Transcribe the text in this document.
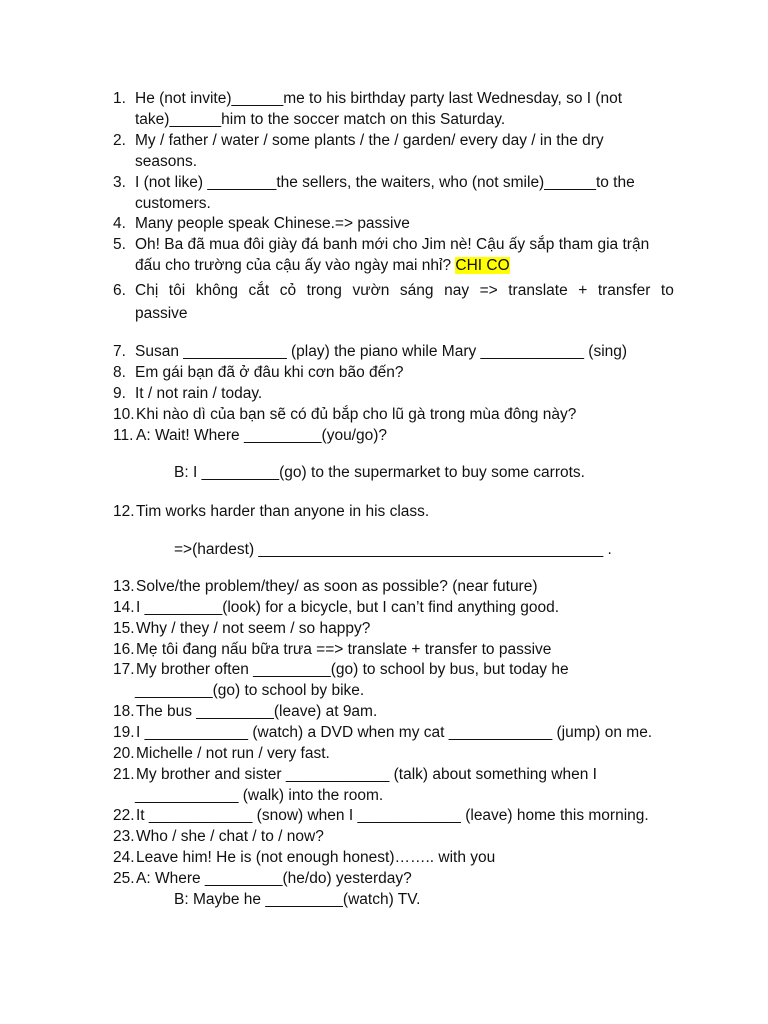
1. He (not invite)______me to his birthday party last Wednesday, so I (not
take)______him to the soccer match on this Saturday.
2. My / father / water / some plants / the / garden/ every day / in the dry
seasons.
3. I (not like) ________the sellers, the waiters, who (not smile)______to the
customers.
4. Many people speak Chinese.=> passive
5. Oh! Ba đã mua đôi giày đá banh mới cho Jim nè! Cậu ấy sắp tham gia trận
đấu cho trường của cậu ấy vào ngày mai nhỉ? CHI CO
6. Chị tôi không cắt cỏ trong vườn sáng nay => translate + transfer to
passive
7. Susan ____________ (play) the piano while Mary ____________ (sing)
8. Em gái bạn đã ở đâu khi cơn bão đến?
9. It / not rain / today.
10. Khi nào dì của bạn sẽ có đủ bắp cho lũ gà trong mùa đông này?
11. A: Wait! Where _________(you/go)?
B: I _________(go) to the supermarket to buy some carrots.
12. Tim works harder than anyone in his class.
=>(hardest) ________________________________________ .
13. Solve/the problem/they/ as soon as possible? (near future)
14. I _________(look) for a bicycle, but I can’t find anything good.
15. Why / they / not seem / so happy?
16. Mẹ tôi đang nấu bữa trưa ==> translate + transfer to passive
17. My brother often _________(go) to school by bus, but today he
_________(go) to school by bike.
18. The bus _________(leave) at 9am.
19. I ____________ (watch) a DVD when my cat ____________ (jump) on me.
20. Michelle / not run / very fast.
21. My brother and sister ____________ (talk) about something when I
____________ (walk) into the room.
22. It ____________ (snow) when I ____________ (leave) home this morning.
23. Who / she / chat / to / now?
24. Leave him! He is (not enough honest)…….. with you
25. A: Where _________(he/do) yesterday?
B: Maybe he _________(watch) TV.
